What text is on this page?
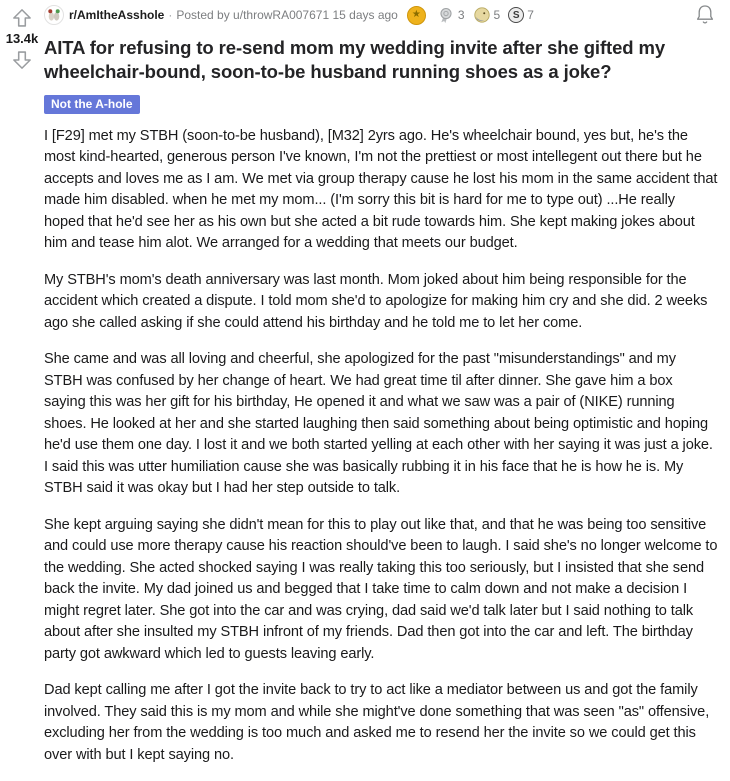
13.4k
r/AmItheAsshole · Posted by u/throwRA007671 15 days ago	★	3 5	S 7
AITA for refusing to re-send mom my wedding invite after she gifted my wheelchair-bound, soon-to-be husband running shoes as a joke?
Not the A-hole

I [F29] met my STBH (soon-to-be husband), [M32] 2yrs ago. He's wheelchair bound, yes but, he's the most kind-hearted, generous person I've known, I'm not the prettiest or most intellegent out there but he accepts and loves me as I am. We met via group therapy cause he lost his mom in the same accident that made him disabled. when he met my mom... (I'm sorry this bit is hard for me to type out) ...He really hoped that he'd see her as his own but she acted a bit rude towards him. She kept making jokes about him and tease him alot. We arranged for a wedding that meets our budget.

My STBH's mom's death anniversary was last month. Mom joked about him being responsible for the accident which created a dispute. I told mom she'd to apologize for making him cry and she did. 2 weeks ago she called asking if she could attend his birthday and he told me to let her come.

She came and was all loving and cheerful, she apologized for the past "misunderstandings" and my STBH was confused by her change of heart. We had great time til after dinner. She gave him a box saying this was her gift for his birthday, He opened it and what we saw was a pair of (NIKE) running shoes. He looked at her and she started laughing then said something about being optimistic and hoping he'd use them one day. I lost it and we both started yelling at each other with her saying it was just a joke. I said this was utter humiliation cause she was basically rubbing it in his face that he is how he is. My STBH said it was okay but I had her step outside to talk.

She kept arguing saying she didn't mean for this to play out like that, and that he was being too sensitive and could use more therapy cause his reaction should've been to laugh. I said she's no longer welcome to the wedding. She acted shocked saying I was really taking this too seriously, but I insisted that she send back the invite. My dad joined us and begged that I take time to calm down and not make a decision I might regret later. She got into the car and was crying, dad said we'd talk later but I said nothing to talk about after she insulted my STBH infront of my friends. Dad then got into the car and left. The birthday party got awkward which led to guests leaving early.

Dad kept calling me after I got the invite back to try to act like a mediator between us and got the family involved. They said this is my mom and while she might've done something that was seen "as" offensive, excluding her from the wedding is too much and asked me to resend her the invite so we could get this over with but I kept saying no.
